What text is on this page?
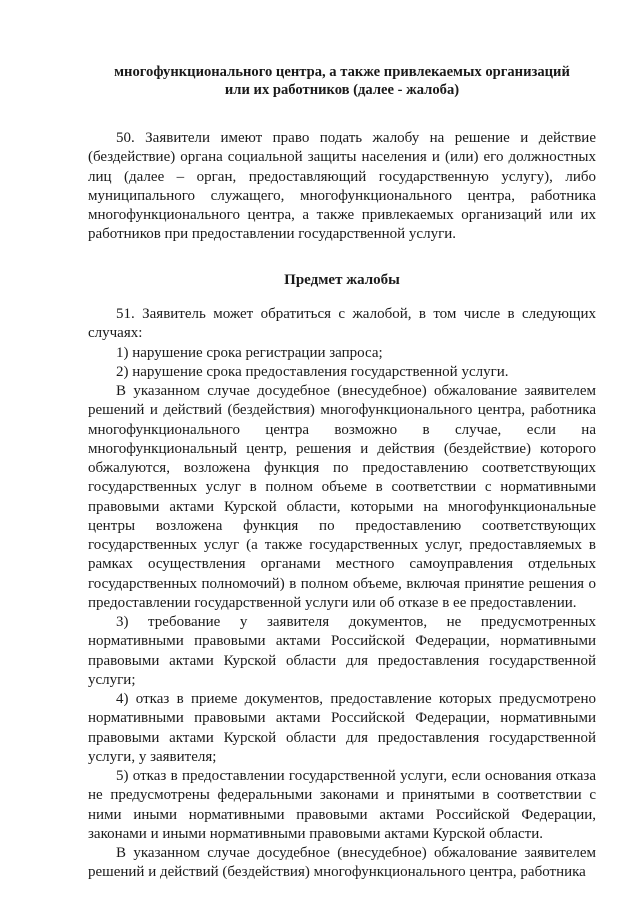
многофункционального центра, а также привлекаемых организаций

или их работников (далее - жалоба)

50. Заявители имеют право подать жалобу на решение и действие (бездействие) органа социальной защиты населения и (или) его должностных лиц (далее – орган, предоставляющий государственную услугу), либо муниципального служащего, многофункционального центра, работника многофункционального центра, а также привлекаемых организаций или их работников при предоставлении государственной услуги.

Предмет жалобы

51. Заявитель может обратиться с жалобой, в том числе в следующих случаях:

1) нарушение срока регистрации запроса;

2) нарушение срока предоставления государственной услуги.

В указанном случае досудебное (внесудебное) обжалование заявителем решений и действий (бездействия) многофункционального центра, работника многофункционального центра возможно в случае, если на многофункциональный центр, решения и действия (бездействие) которого обжалуются, возложена функция по предоставлению соответствующих государственных услуг в полном объеме в соответствии с нормативными правовыми актами Курской области, которыми на многофункциональные центры возложена функция по предоставлению соответствующих государственных услуг (а также государственных услуг, предоставляемых в рамках осуществления органами местного самоуправления отдельных государственных полномочий) в полном объеме, включая принятие решения о предоставлении государственной услуги или об отказе в ее предоставлении.

3) требование у заявителя документов, не предусмотренных нормативными правовыми актами Российской Федерации, нормативными правовыми актами Курской области для предоставления государственной услуги;

4) отказ в приеме документов, предоставление которых предусмотрено нормативными правовыми актами Российской Федерации, нормативными правовыми актами Курской области для предоставления государственной услуги, у заявителя;

5) отказ в предоставлении государственной услуги, если основания отказа не предусмотрены федеральными законами и принятыми в соответствии с ними иными нормативными правовыми актами Российской Федерации, законами и иными нормативными правовыми актами Курской области.

В указанном случае досудебное (внесудебное) обжалование заявителем решений и действий (бездействия) многофункционального центра, работника
